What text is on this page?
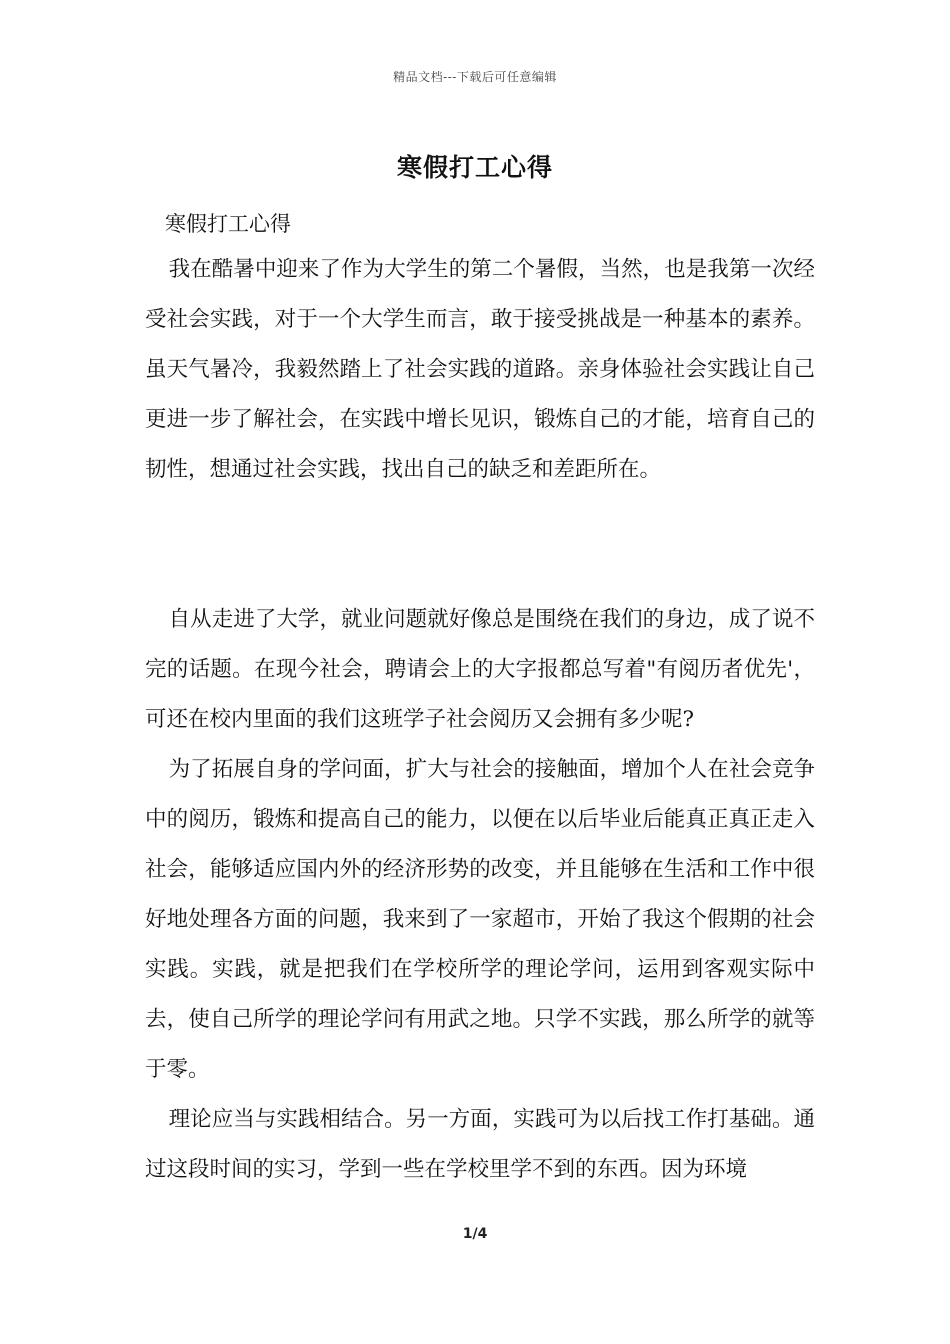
精品文档---下载后可任意编辑
寒假打工心得
寒假打工心得

我在酷暑中迎来了作为大学生的第二个暑假，当然，也是我第一次经受社会实践，对于一个大学生而言，敢于接受挑战是一种基本的素养。虽天气暑冷，我毅然踏上了社会实践的道路。亲身体验社会实践让自己更进一步了解社会，在实践中增长见识，锻炼自己的才能，培育自己的韧性，想通过社会实践，找出自己的缺乏和差距所在。

自从走进了大学，就业问题就好像总是围绕在我们的身边，成了说不完的话题。在现今社会，聘请会上的大字报都总写着"有阅历者优先'，可还在校内里面的我们这班学子社会阅历又会拥有多少呢?

为了拓展自身的学问面，扩大与社会的接触面，增加个人在社会竞争中的阅历，锻炼和提高自己的能力，以便在以后毕业后能真正真正走入社会，能够适应国内外的经济形势的改变，并且能够在生活和工作中很好地处理各方面的问题，我来到了一家超市，开始了我这个假期的社会实践。实践，就是把我们在学校所学的理论学问，运用到客观实际中去，使自己所学的理论学问有用武之地。只学不实践，那么所学的就等于零。

理论应当与实践相结合。另一方面，实践可为以后找工作打基础。通过这段时间的实习，学到一些在学校里学不到的东西。因为环境

1/4
